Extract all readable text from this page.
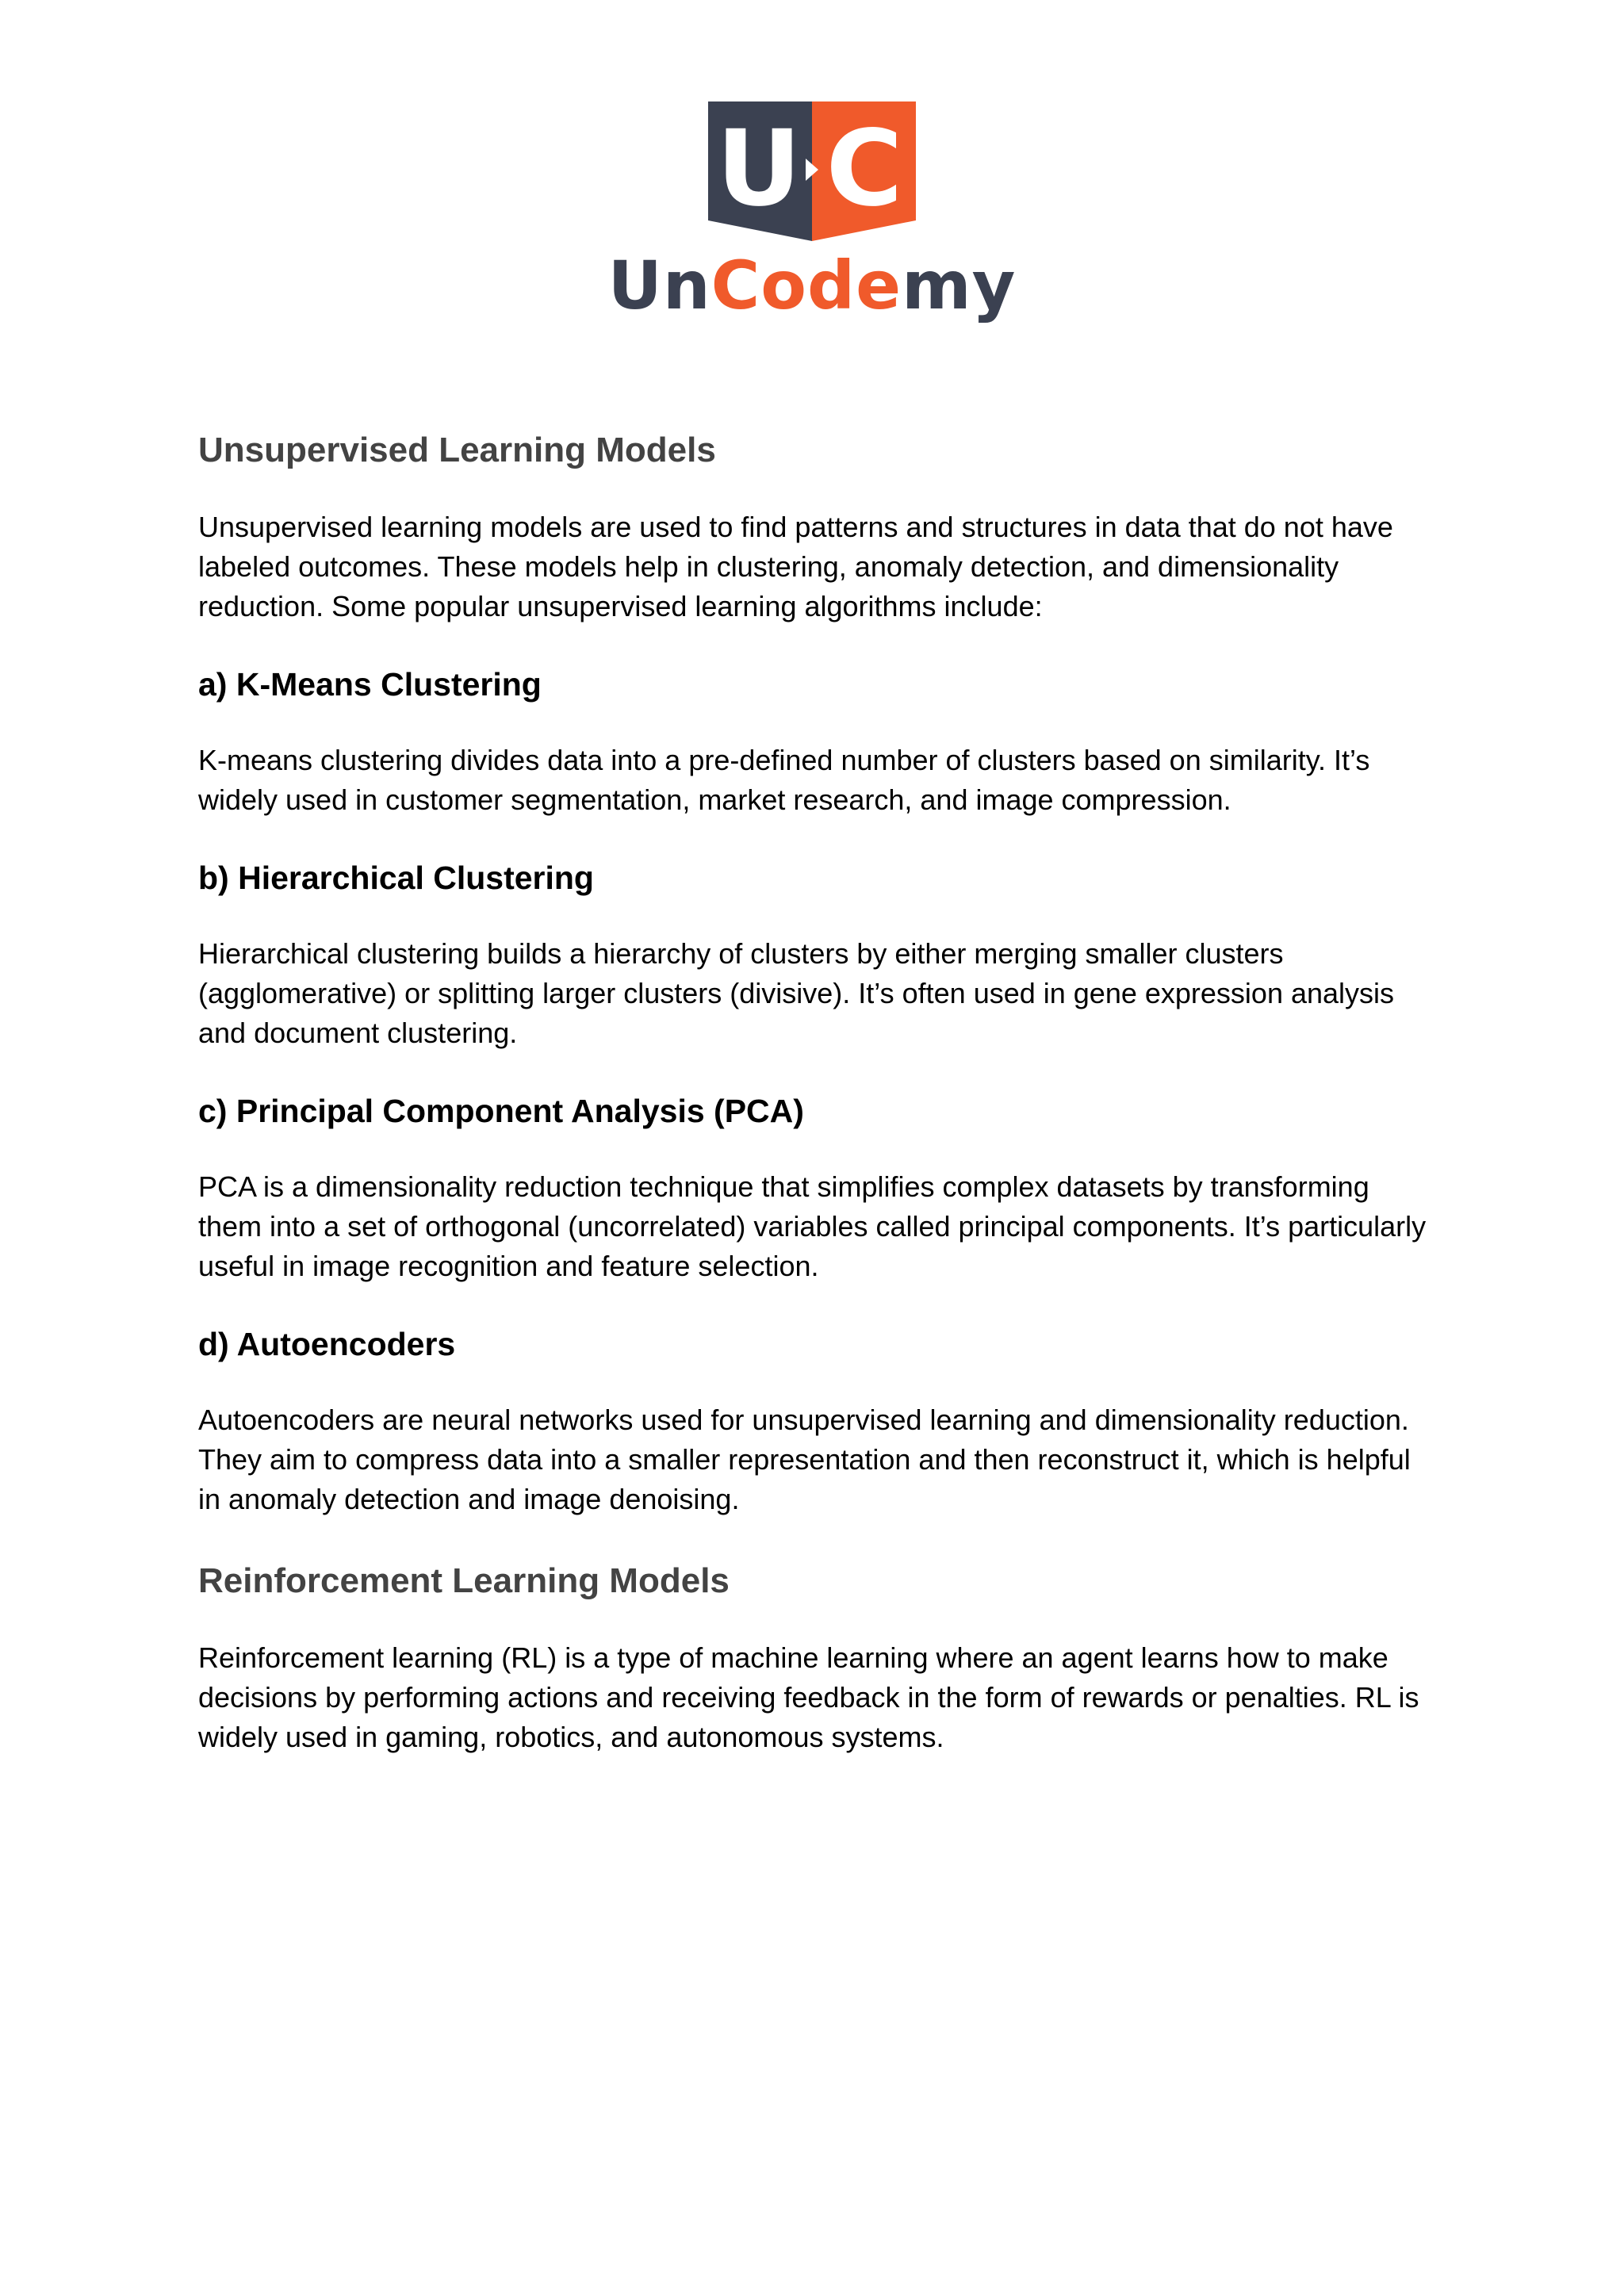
U C
UnCodemy
Unsupervised Learning Models

Unsupervised learning models are used to find patterns and structures in data that do not have labeled outcomes. These models help in clustering, anomaly detection, and dimensionality reduction. Some popular unsupervised learning algorithms include:

a) K-Means Clustering

K-means clustering divides data into a pre-defined number of clusters based on similarity. It’s widely used in customer segmentation, market research, and image compression.

b) Hierarchical Clustering

Hierarchical clustering builds a hierarchy of clusters by either merging smaller clusters (agglomerative) or splitting larger clusters (divisive). It’s often used in gene expression analysis and document clustering.

c) Principal Component Analysis (PCA)

PCA is a dimensionality reduction technique that simplifies complex datasets by transforming them into a set of orthogonal (uncorrelated) variables called principal components. It’s particularly useful in image recognition and feature selection.

d) Autoencoders

Autoencoders are neural networks used for unsupervised learning and dimensionality reduction. They aim to compress data into a smaller representation and then reconstruct it, which is helpful in anomaly detection and image denoising.

Reinforcement Learning Models

Reinforcement learning (RL) is a type of machine learning where an agent learns how to make decisions by performing actions and receiving feedback in the form of rewards or penalties. RL is widely used in gaming, robotics, and autonomous systems.
